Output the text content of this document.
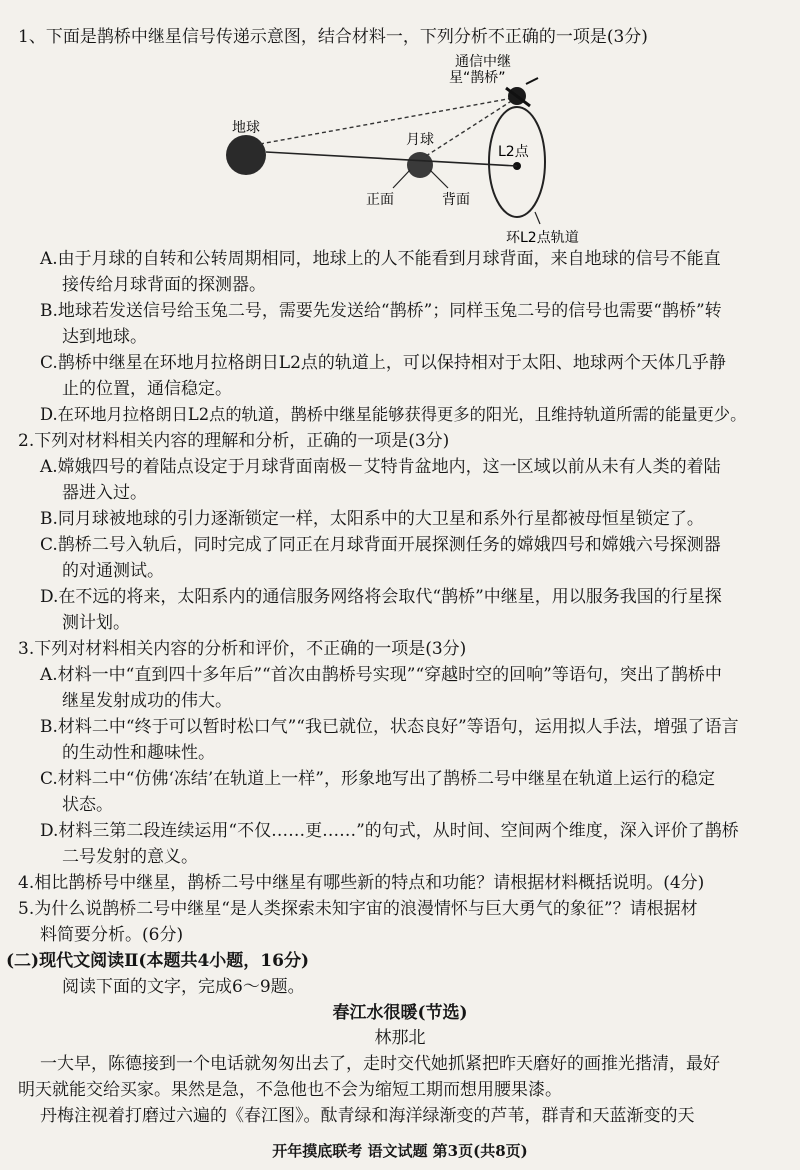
1、下面是鹊桥中继星信号传递示意图，结合材料一，下列分析不正确的一项是(3分)
通信中继
星“鹊桥”
地球
月球
L2点
正面	背面
环L2点轨道
A.由于月球的自转和公转周期相同，地球上的人不能看到月球背面，来自地球的信号不能直
接传给月球背面的探测器。
B.地球若发送信号给玉兔二号，需要先发送给“鹊桥”；同样玉兔二号的信号也需要“鹊桥”转
达到地球。
C.鹊桥中继星在环地月拉格朗日L2点的轨道上，可以保持相对于太阳、地球两个天体几乎静
止的位置，通信稳定。
D.在环地月拉格朗日L2点的轨道，鹊桥中继星能够获得更多的阳光，且维持轨道所需的能量更少。
2.下列对材料相关内容的理解和分析，正确的一项是(3分)
A.嫦娥四号的着陆点设定于月球背面南极－艾特肯盆地内，这一区域以前从未有人类的着陆
器进入过。
B.同月球被地球的引力逐渐锁定一样，太阳系中的大卫星和系外行星都被母恒星锁定了。
C.鹊桥二号入轨后，同时完成了同正在月球背面开展探测任务的嫦娥四号和嫦娥六号探测器
的对通测试。
D.在不远的将来，太阳系内的通信服务网络将会取代“鹊桥”中继星，用以服务我国的行星探
测计划。
3.下列对材料相关内容的分析和评价，不正确的一项是(3分)
A.材料一中“直到四十多年后”“首次由鹊桥号实现”“穿越时空的回响”等语句，突出了鹊桥中
继星发射成功的伟大。
B.材料二中“终于可以暂时松口气”“我已就位，状态良好”等语句，运用拟人手法，增强了语言
的生动性和趣味性。
C.材料二中“仿佛‘冻结’在轨道上一样”，形象地写出了鹊桥二号中继星在轨道上运行的稳定
状态。
D.材料三第二段连续运用“不仅……更……”的句式，从时间、空间两个维度，深入评价了鹊桥
二号发射的意义。
4.相比鹊桥号中继星，鹊桥二号中继星有哪些新的特点和功能？请根据材料概括说明。(4分)
5.为什么说鹊桥二号中继星“是人类探索未知宇宙的浪漫情怀与巨大勇气的象征”？请根据材
料简要分析。(6分)
(二)现代文阅读Ⅱ(本题共4小题，16分)
阅读下面的文字，完成6～9题。
春江水很暖(节选)
林那北
一大早，陈德接到一个电话就匆匆出去了，走时交代她抓紧把昨天磨好的画推光揩清，最好
明天就能交给买家。果然是急，不急他也不会为缩短工期而想用腰果漆。
丹梅注视着打磨过六遍的《春江图》。酞青绿和海洋绿渐变的芦苇，群青和天蓝渐变的天
开年摸底联考 语文试题 第3页(共8页)
